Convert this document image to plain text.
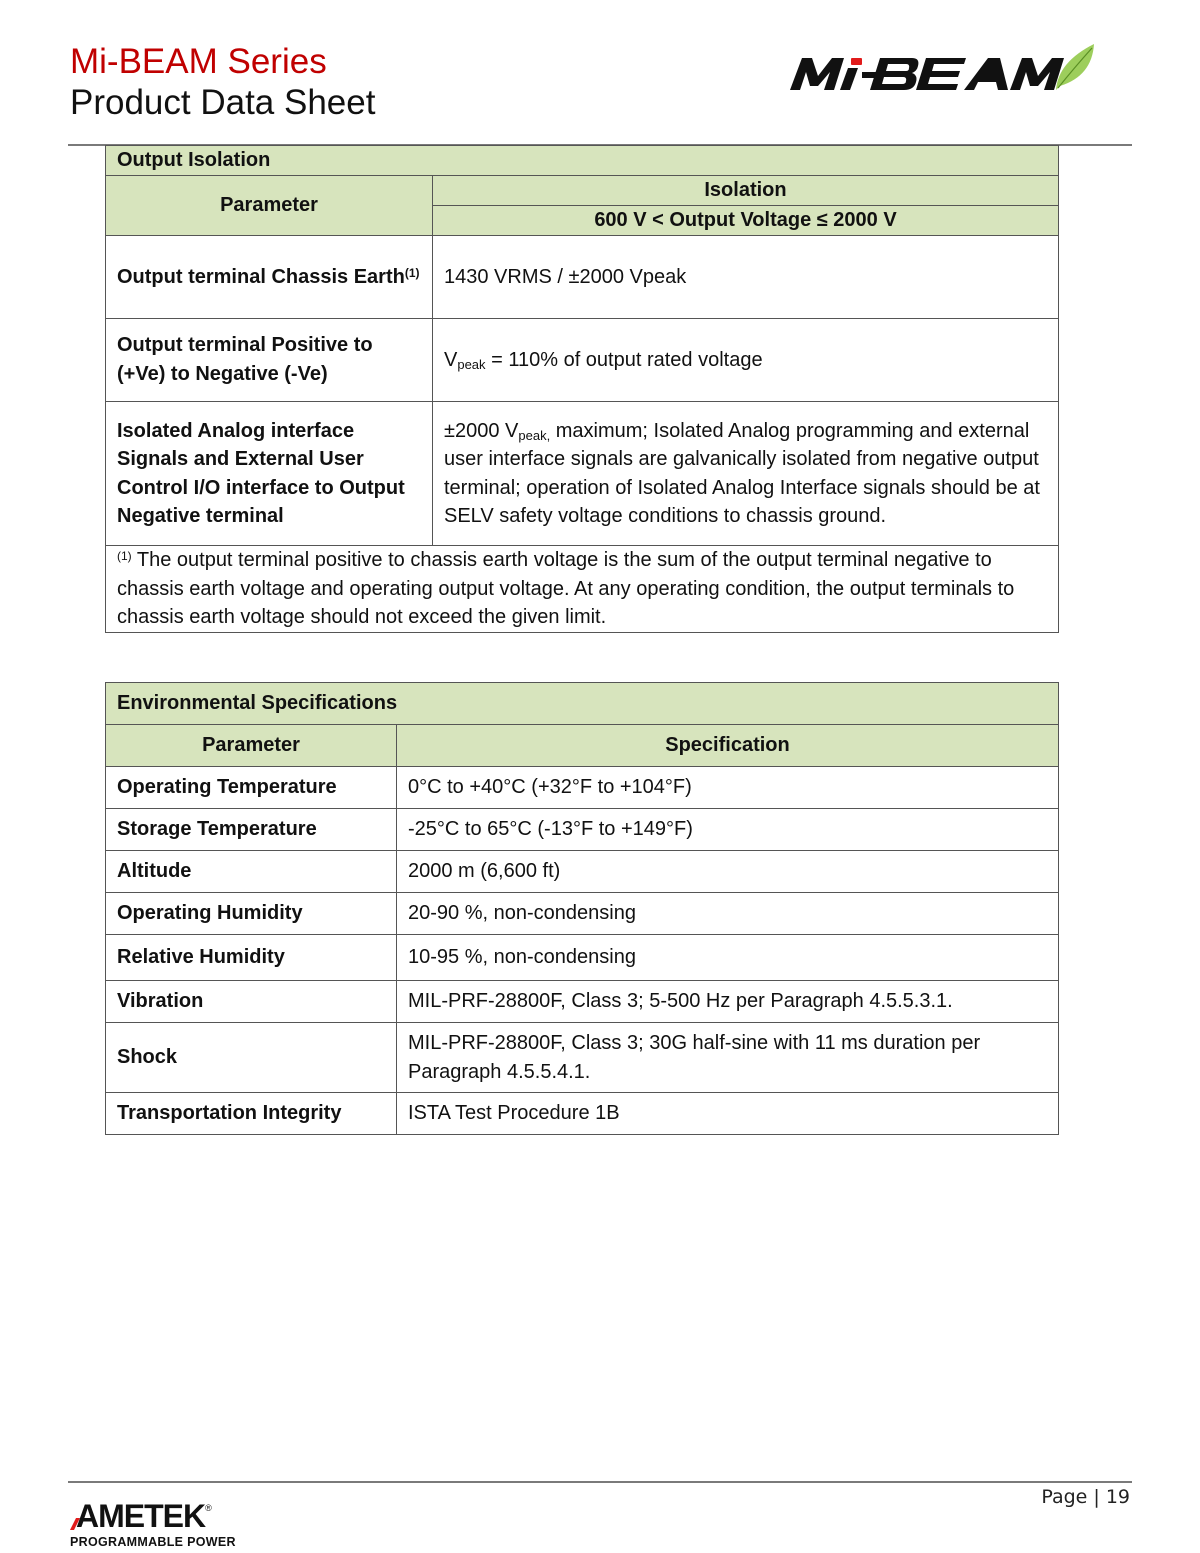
Mi-BEAM Series
Product Data Sheet
Output Isolation	
Parameter	Isolation
	600 V < Output Voltage ≤ 2000 V
Output terminal Chassis Earth$^{(1)}$	1430 VRMS / ±2000 Vpeak
Output terminal Positive to (+Ve) to Negative (-Ve)	$V_{peak} = 110\%$ of output rated voltage
Isolated Analog interface Signals and External User Control I/O interface to Output Negative terminal	±2000 $V_{peak,}$ maximum; Isolated Analog programming and external user interface signals are galvanically isolated from negative output terminal; operation of Isolated Analog Interface signals should be at SELV safety voltage conditions to chassis ground.
$^{(1)}$ The output terminal positive to chassis earth voltage is the sum of the output terminal negative to chassis earth voltage and operating output voltage. At any operating condition, the output terminals to chassis earth voltage should not exceed the given limit.	
Environmental Specifications	
Parameter	Specification
Operating Temperature	0°C to +40°C (+32°F to +104°F)
Storage Temperature	-25°C to 65°C (-13°F to +149°F)
Altitude	2000 m (6,600 ft)
Operating Humidity	20-90 %, non-condensing
Relative Humidity	10-95 %, non-condensing
Vibration	MIL-PRF-28800F, Class 3; 5-500 Hz per Paragraph 4.5.5.3.1.
Shock	MIL-PRF-28800F, Class 3; 30G half-sine with 11 ms duration per Paragraph 4.5.5.4.1.
Transportation Integrity	ISTA Test Procedure 1B
AMETEK®
PROGRAMMABLE POWER
Page | 19
